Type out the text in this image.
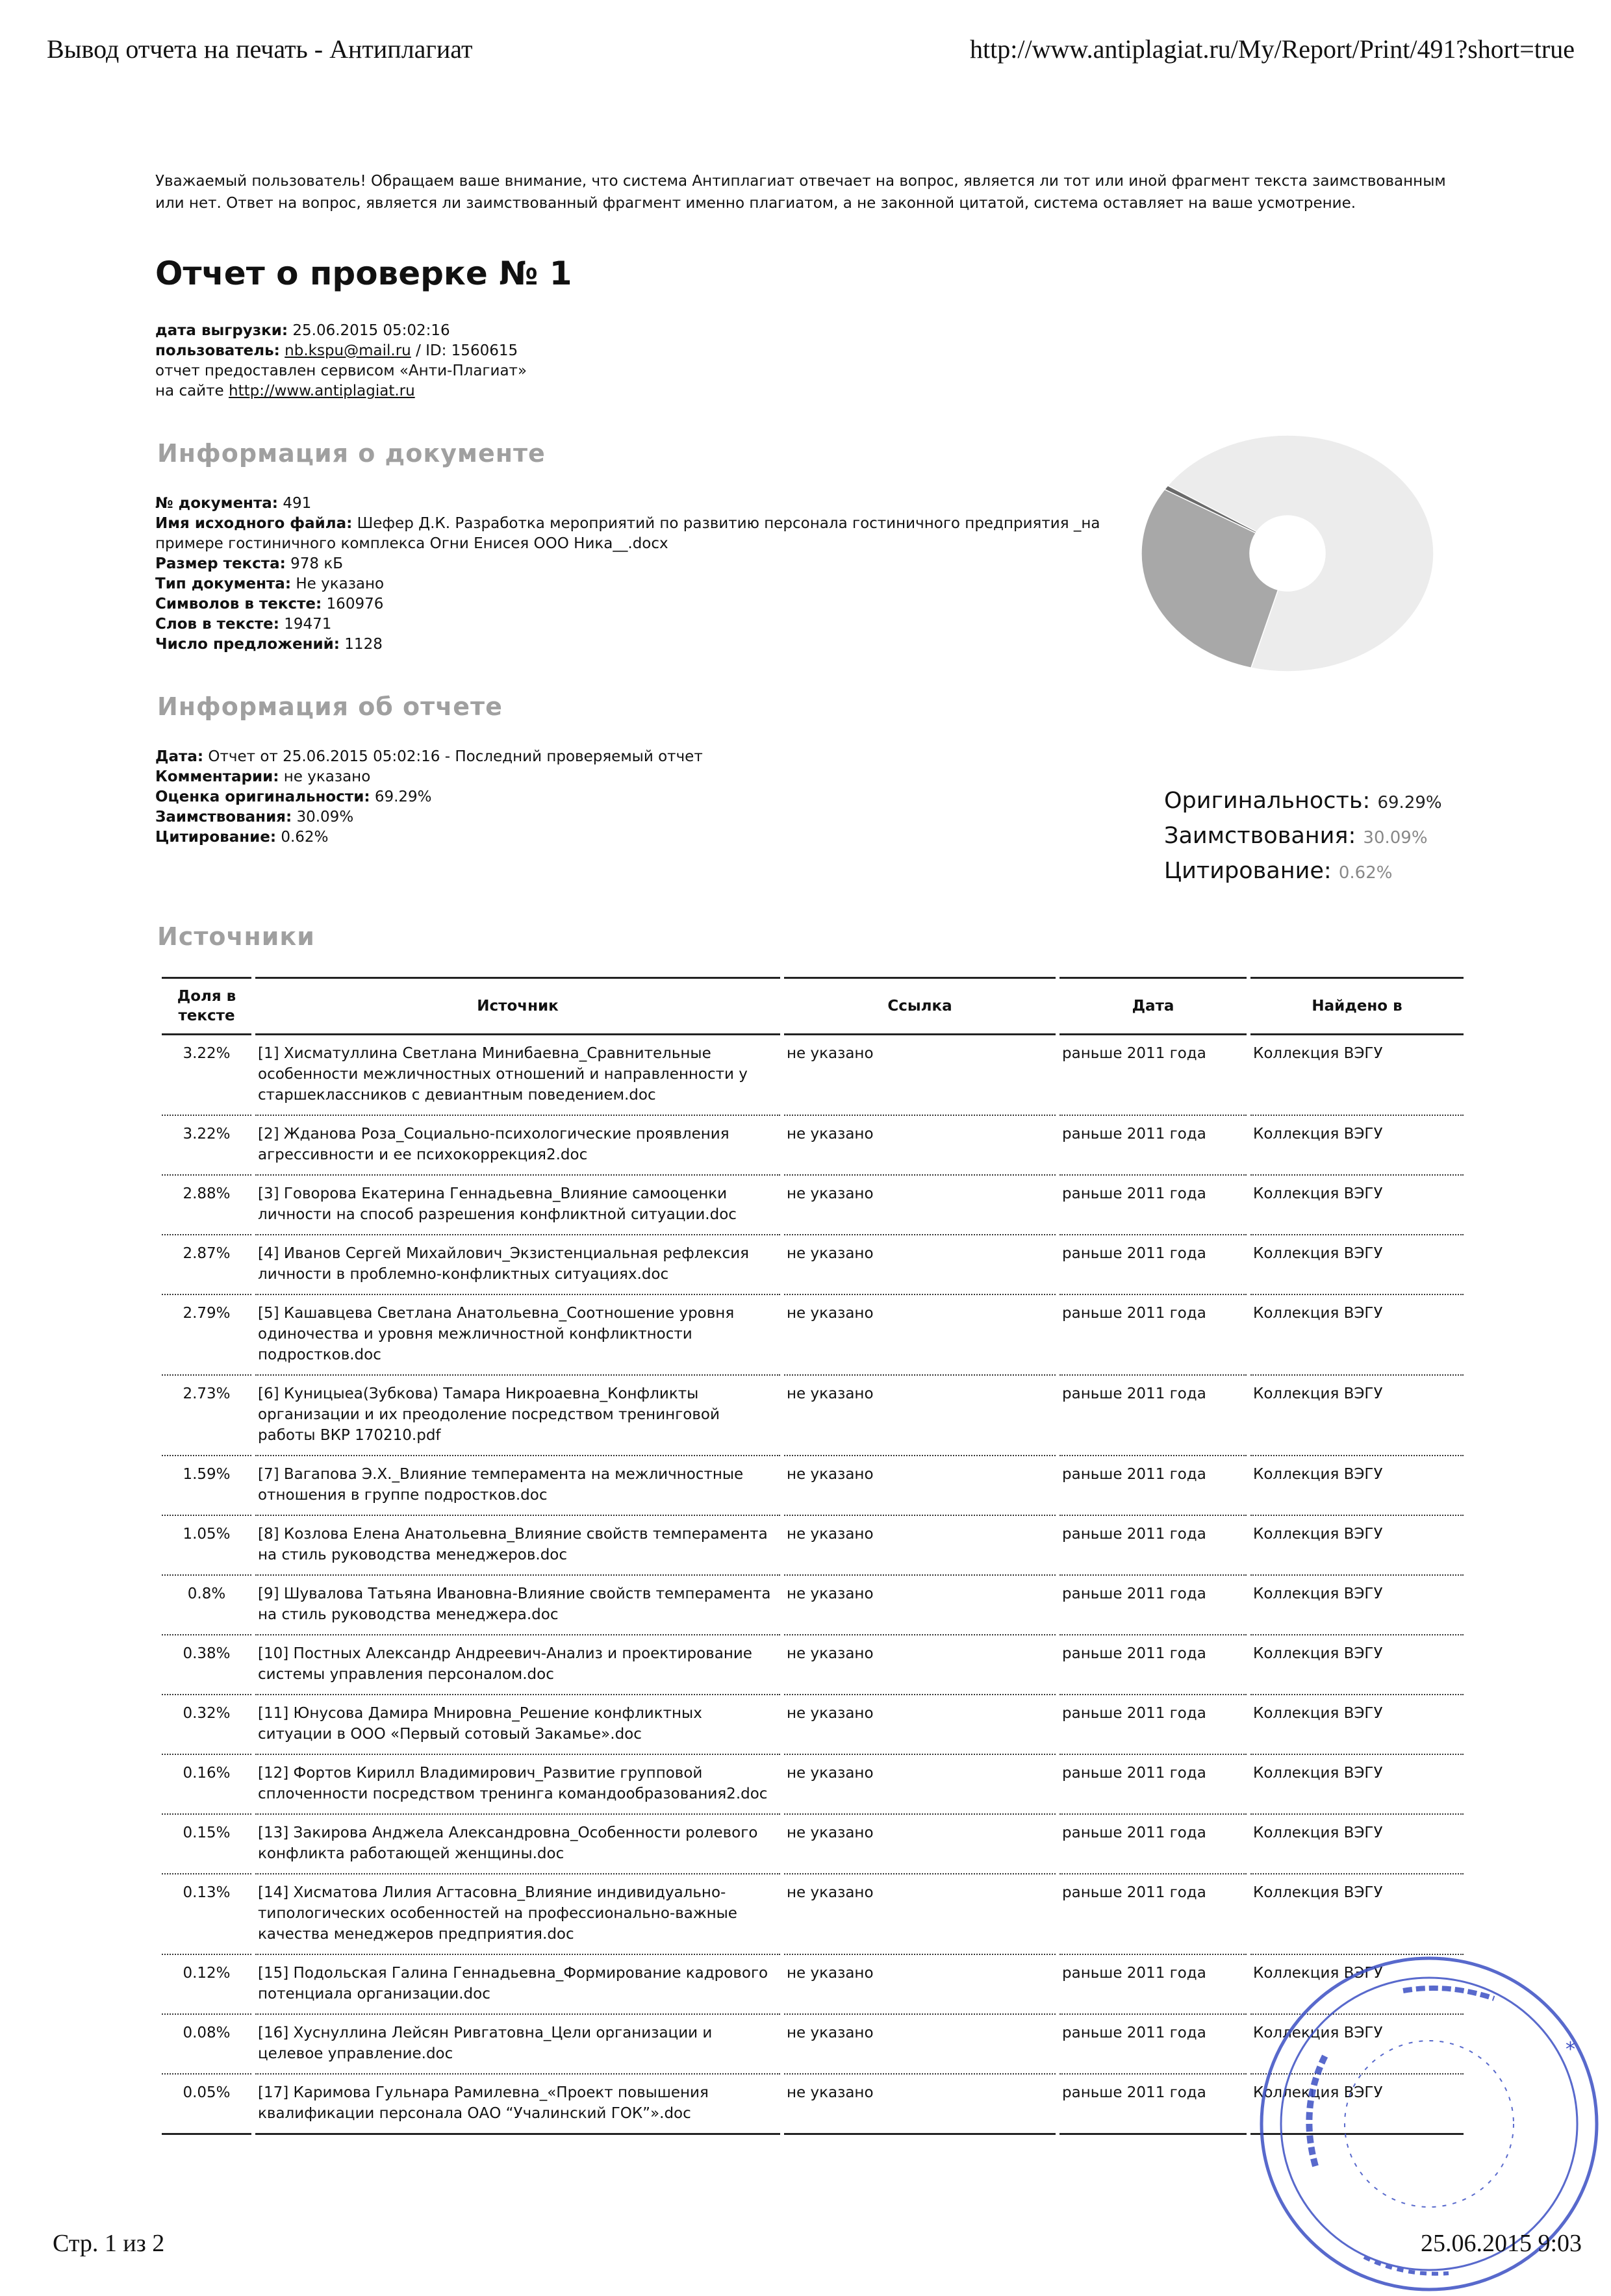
Вывод отчета на печать - Антиплагиат	http://www.antiplagiat.ru/My/Report/Print/491?short=true
Уважаемый пользователь! Обращаем ваше внимание, что система Антиплагиат отвечает на вопрос, является ли тот или иной фрагмент текста заимствованным или нет. Ответ на вопрос, является ли заимствованный фрагмент именно плагиатом, а не законной цитатой, система оставляет на ваше усмотрение.
Отчет о проверке № 1
дата выгрузки: 25.06.2015 05:02:16
пользователь: nb.kspu@mail.ru / ID: 1560615
отчет предоставлен сервисом «Анти-Плагиат»
на сайте http://www.antiplagiat.ru
Информация о документе
№ документа: 491
Имя исходного файла: Шефер Д.К. Разработка мероприятий по развитию персонала гостиничного предприятия _на примере гостиничного комплекса Огни Енисея ООО Ника__.docx
Размер текста: 978 кБ
Тип документа: Не указано
Символов в тексте: 160976
Слов в тексте: 19471
Число предложений: 1128
Информация об отчете
Дата: Отчет от 25.06.2015 05:02:16 - Последний проверяемый отчет
Комментарии: не указано
Оценка оригинальности: 69.29%
Заимствования: 30.09%
Цитирование: 0.62%
Оригинальность: 69.29%
Заимствования: 30.09%
Цитирование: 0.62%
Источники
Доля в тексте	Источник	Ссылка	Дата	Найдено в
3.22%	[1] Хисматуллина Светлана Минибаевна_Сравнительные особенности межличностных отношений и направленности у старшеклассников с девиантным поведением.doc	не указано	раньше 2011 года	Коллекция ВЭГУ
3.22%	[2] Жданова Роза_Социально-психологические проявления агрессивности и ее психокоррекция2.doc	не указано	раньше 2011 года	Коллекция ВЭГУ
2.88%	[3] Говорова Екатерина Геннадьевна_Влияние самооценки личности на способ разрешения конфликтной ситуации.doc	не указано	раньше 2011 года	Коллекция ВЭГУ
2.87%	[4] Иванов Сергей Михайлович_Экзистенциальная рефлексия личности в проблемно-конфликтных ситуациях.doc	не указано	раньше 2011 года	Коллекция ВЭГУ
2.79%	[5] Кашавцева Светлана Анатольевна_Соотношение уровня одиночества и уровня межличностной конфликтности подростков.doc	не указано	раньше 2011 года	Коллекция ВЭГУ
2.73%	[6] Куницыеа(Зубкова) Тамара Никроаевна_Конфликты организации и их преодоление посредством тренинговой работы ВКР 170210.pdf	не указано	раньше 2011 года	Коллекция ВЭГУ
1.59%	[7] Вагапова Э.Х._Влияние темперамента на межличностные отношения в группе подростков.doc	не указано	раньше 2011 года	Коллекция ВЭГУ
1.05%	[8] Козлова Елена Анатольевна_Влияние свойств темперамента на стиль руководства менеджеров.doc	не указано	раньше 2011 года	Коллекция ВЭГУ
0.8%	[9] Шувалова Татьяна Ивановна-Влияние свойств темперамента на стиль руководства менеджера.doc	не указано	раньше 2011 года	Коллекция ВЭГУ
0.38%	[10] Постных Александр Андреевич-Анализ и проектирование системы управления персоналом.doc	не указано	раньше 2011 года	Коллекция ВЭГУ
0.32%	[11] Юнусова Дамира Мнировна_Решение конфликтных ситуации в ООО «Первый сотовый Закамье».doc	не указано	раньше 2011 года	Коллекция ВЭГУ
0.16%	[12] Фортов Кирилл Владимирович_Развитие групповой сплоченности посредством тренинга командообразования2.doc	не указано	раньше 2011 года	Коллекция ВЭГУ
0.15%	[13] Закирова Анджела Александровна_Особенности ролевого конфликта работающей женщины.doc	не указано	раньше 2011 года	Коллекция ВЭГУ
0.13%	[14] Хисматова Лилия Агтасовна_Влияние индивидуально-типологических особенностей на профессионально-важные качества менеджеров предприятия.doc	не указано	раньше 2011 года	Коллекция ВЭГУ
0.12%	[15] Подольская Галина Геннадьевна_Формирование кадрового потенциала организации.doc	не указано	раньше 2011 года	Коллекция ВЭГУ
0.08%	[16] Хуснуллина Лейсян Ривгатовна_Цели организации и целевое управление.doc	не указано	раньше 2011 года	Коллекция ВЭГУ
0.05%	[17] Каримова Гульнара Рамилевна_«Проект повышения квалификации персонала ОАО “Учалинский ГОК”».doc	не указано	раньше 2011 года	Коллекция ВЭГУ
*
Стр. 1 из 2	25.06.2015 9:03
